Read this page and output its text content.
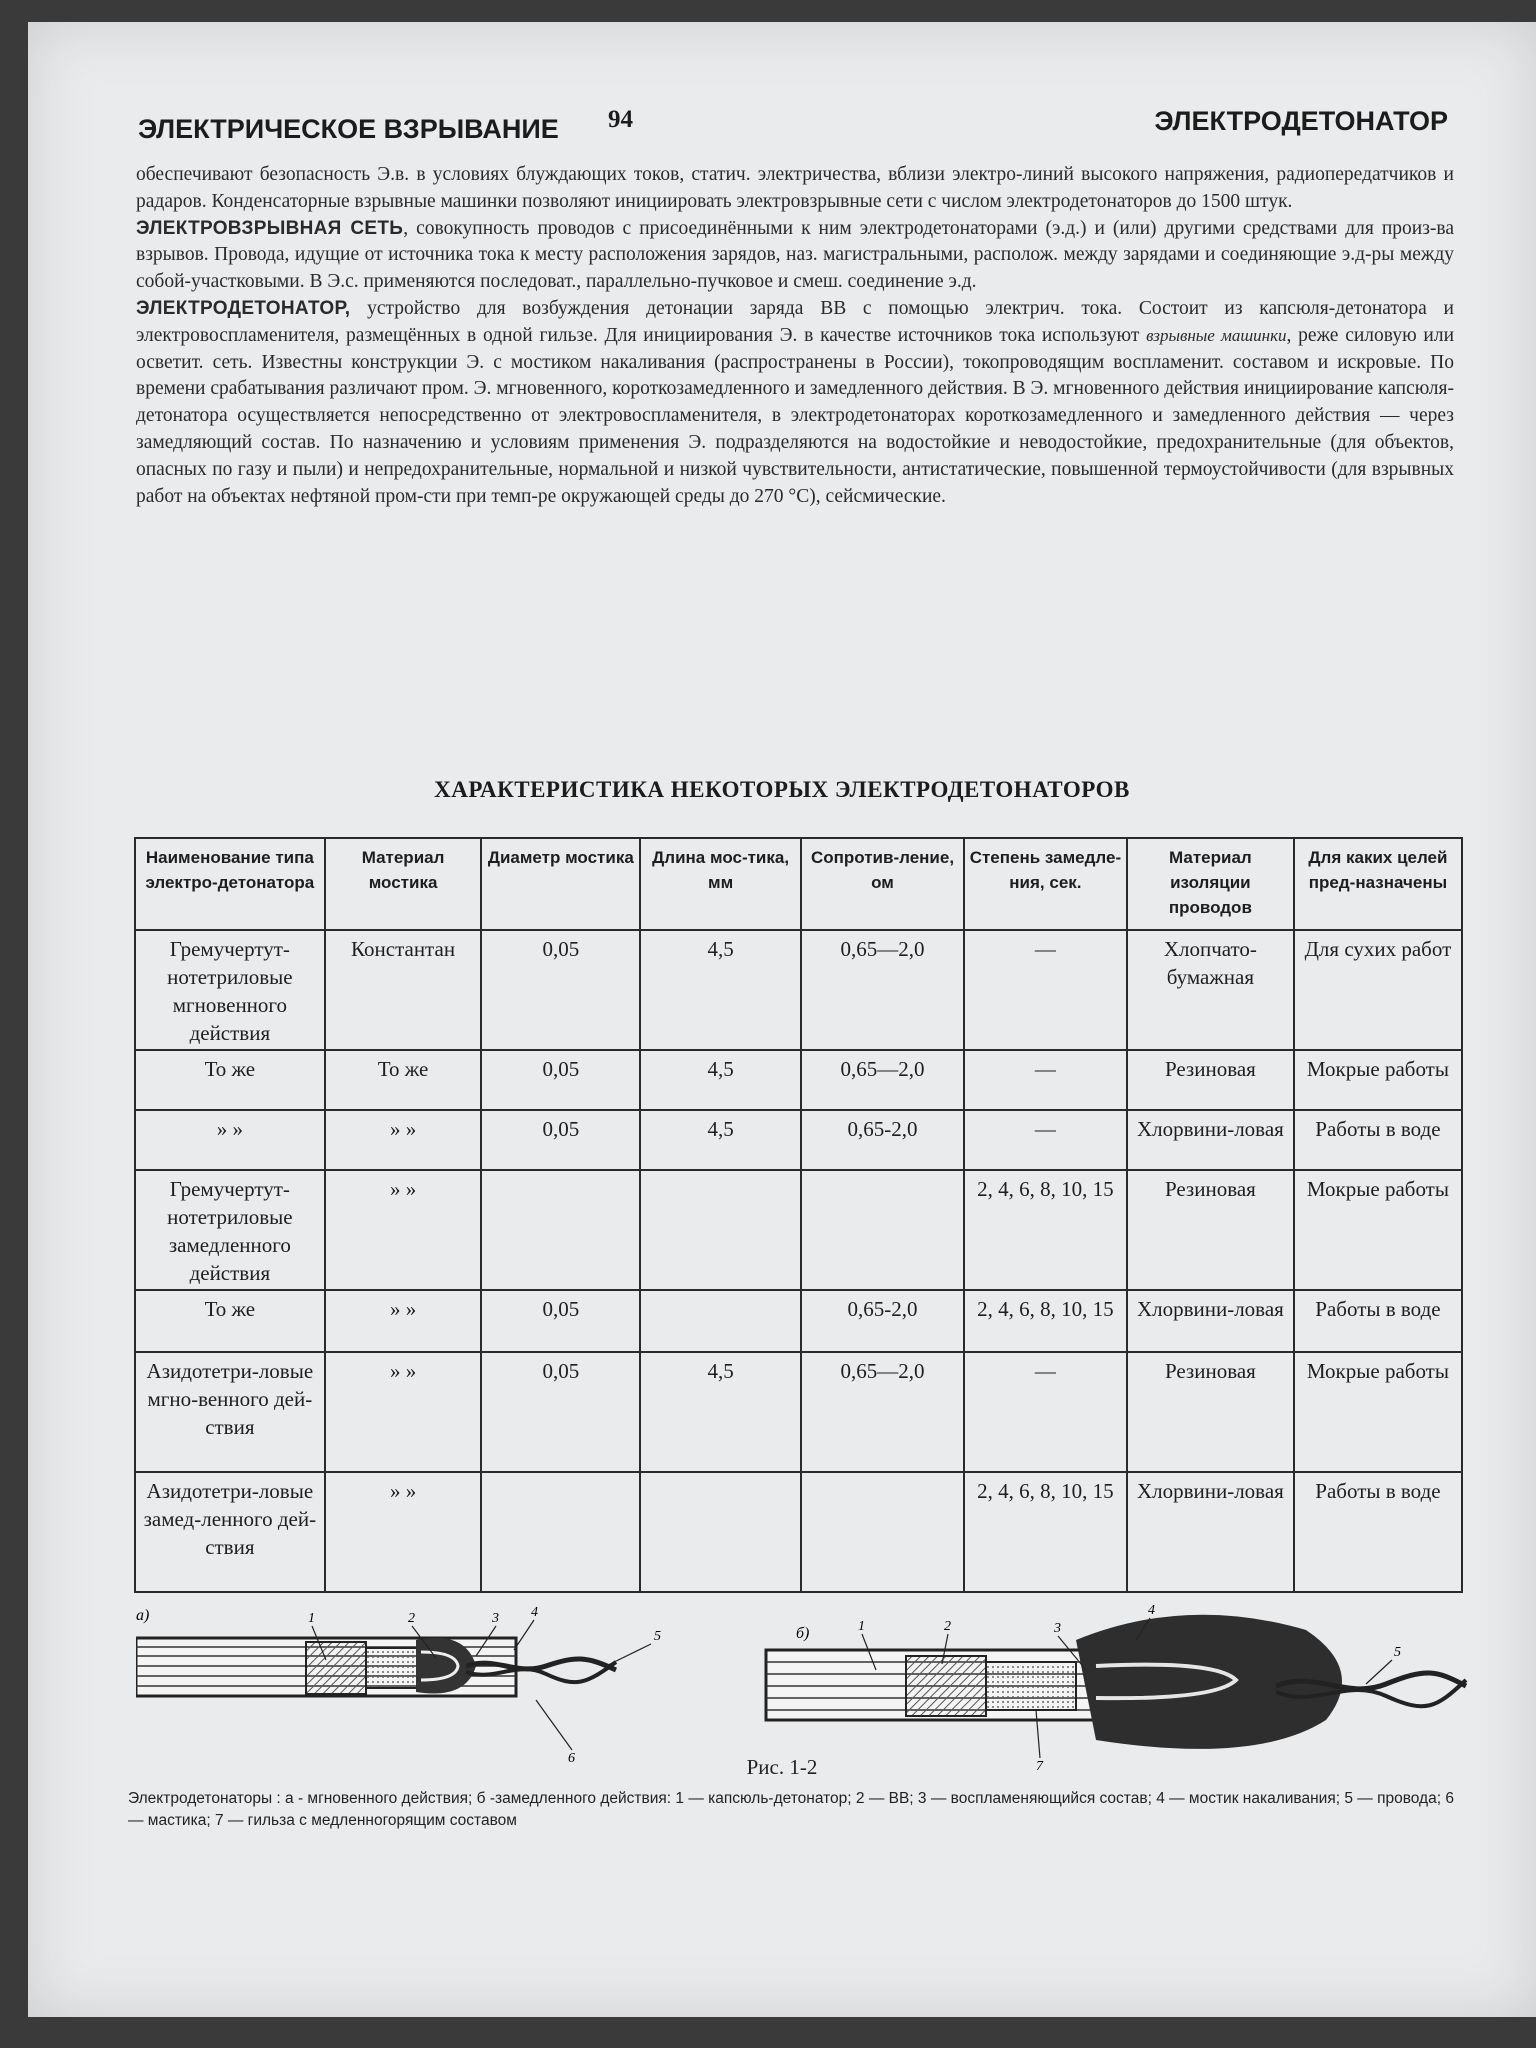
ЭЛЕКТРИЧЕСКОЕ ВЗРЫВАНИЕ 94	ЭЛЕКТРОДЕТОНАТОР

обеспечивают безопасность Э.в. в условиях блуждающих токов, статич. электричества, вблизи электро-линий высокого напряжения, радиопередатчиков и радаров. Конденсаторные взрывные машинки позволяют инициировать электровзрывные сети с числом электродетонаторов до 1500 штук.

ЭЛЕКТРОВЗРЫВНАЯ СЕТЬ, совокупность проводов с присоединёнными к ним электродетонаторами (э.д.) и (или) другими средствами для произ-ва взрывов. Провода, идущие от источника тока к месту расположения зарядов, наз. магистральными, располож. между зарядами и соединяющие э.д-ры между собой-участковыми. В Э.с. применяются последоват., параллельно-пучковое и смеш. соединение э.д.

ЭЛЕКТРОДЕТОНАТОР, устройство для возбуждения детонации заряда ВВ с помощью электрич. тока. Состоит из капсюля-детонатора и электровоспламенителя, размещённых в одной гильзе. Для инициирования Э. в качестве источников тока используют взрывные машинки, реже силовую или осветит. сеть. Известны конструкции Э. с мостиком накаливания (распространены в России), токопроводящим воспламенит. составом и искровые. По времени срабатывания различают пром. Э. мгновенного, короткозамедленного и замедленного действия. В Э. мгновенного действия инициирование капсюля-детонатора осуществляется непосредственно от электровоспламенителя, в электродетонаторах короткозамедленного и замедленного действия — через замедляющий состав. По назначению и условиям применения Э. подразделяются на водостойкие и неводостойкие, предохранительные (для объектов, опасных по газу и пыли) и непредохранительные, нормальной и низкой чувствительности, антистатические, повышенной термоустойчивости (для взрывных работ на объектах нефтяной пром-сти при темп-ре окружающей среды до 270 °С), сейсмические.

ХАРАКТЕРИСТИКА НЕКОТОРЫХ ЭЛЕКТРОДЕТОНАТОРОВ
Наименование типа электро-детонатора	Материал мостика	Диаметр мостика	Длина мос-тика, мм	Сопротив-ление, ом	Степень замедле-ния, сек.	Материал изоляции проводов	Для каких целей пред-назначены
Гремучертут-нотетриловые мгновенного действия	Константан	0,05	4,5	0,65—2,0	—	Хлопчато-бумажная	Для сухих работ
То же	То же	0,05	4,5	0,65—2,0	—	Резиновая	Мокрые работы
» »	» »	0,05	4,5	0,65-2,0	—	Хлорвини-ловая	Работы в воде
Гремучертут-нотетриловые замедленного действия	» »				2, 4, 6, 8, 10, 15	Резиновая	Мокрые работы
То же	» »	0,05		0,65-2,0	2, 4, 6, 8, 10, 15	Хлорвини-ловая	Работы в воде
Азидотетри-ловые мгно-венного дей-ствия	» »	0,05	4,5	0,65—2,0	—	Резиновая	Мокрые работы
Азидотетри-ловые замед-ленного дей-ствия	» »				2, 4, 6, 8, 10, 15	Хлорвини-ловая	Работы в воде
а)	1	2	3 4
5
6
б)	1	2	3
4
5
7
Рис. 1-2
Электродетонаторы : а - мгновенного действия; б -замедленного действия: 1 — капсюль-детонатор; 2 — ВВ; 3 — воспламеняющийся состав; 4 — мостик накаливания; 5 — провода; 6 — мастика; 7 — гильза с медленногорящим составом
